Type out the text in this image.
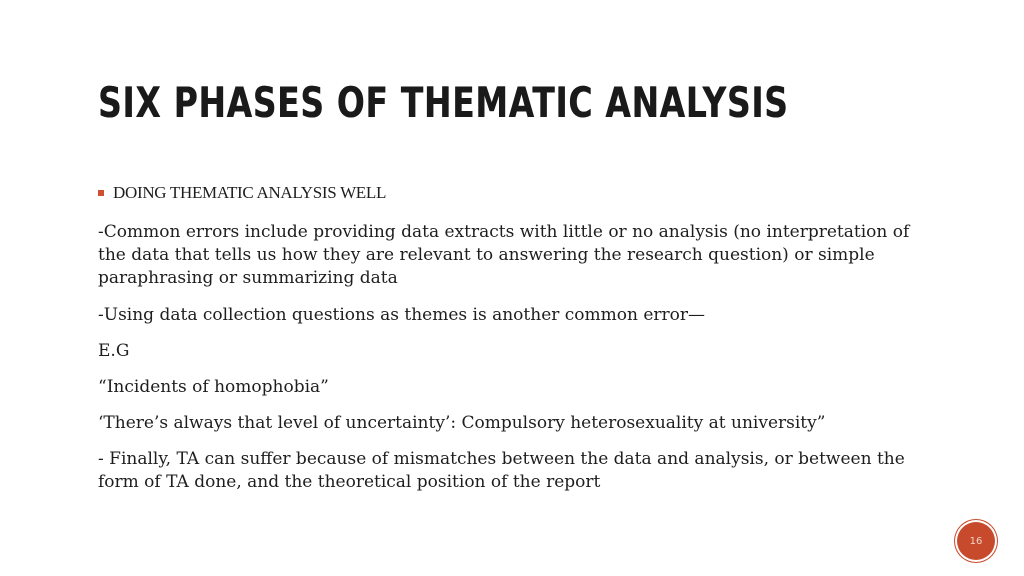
SIX PHASES OF THEMATIC ANALYSIS
DOING THEMATIC ANALYSIS WELL
-Common errors include providing data extracts with little or no analysis (no interpretation of the data that tells us how they are relevant to answering the research question) or simple paraphrasing or summarizing data
-Using data collection questions as themes is another common error—
E.G
“Incidents of homophobia”
‘There’s always that level of uncertainty’: Compulsory heterosexuality at university”
- Finally, TA can suffer because of mismatches between the data and analysis, or between the form of TA done, and the theoretical position of the report
16
